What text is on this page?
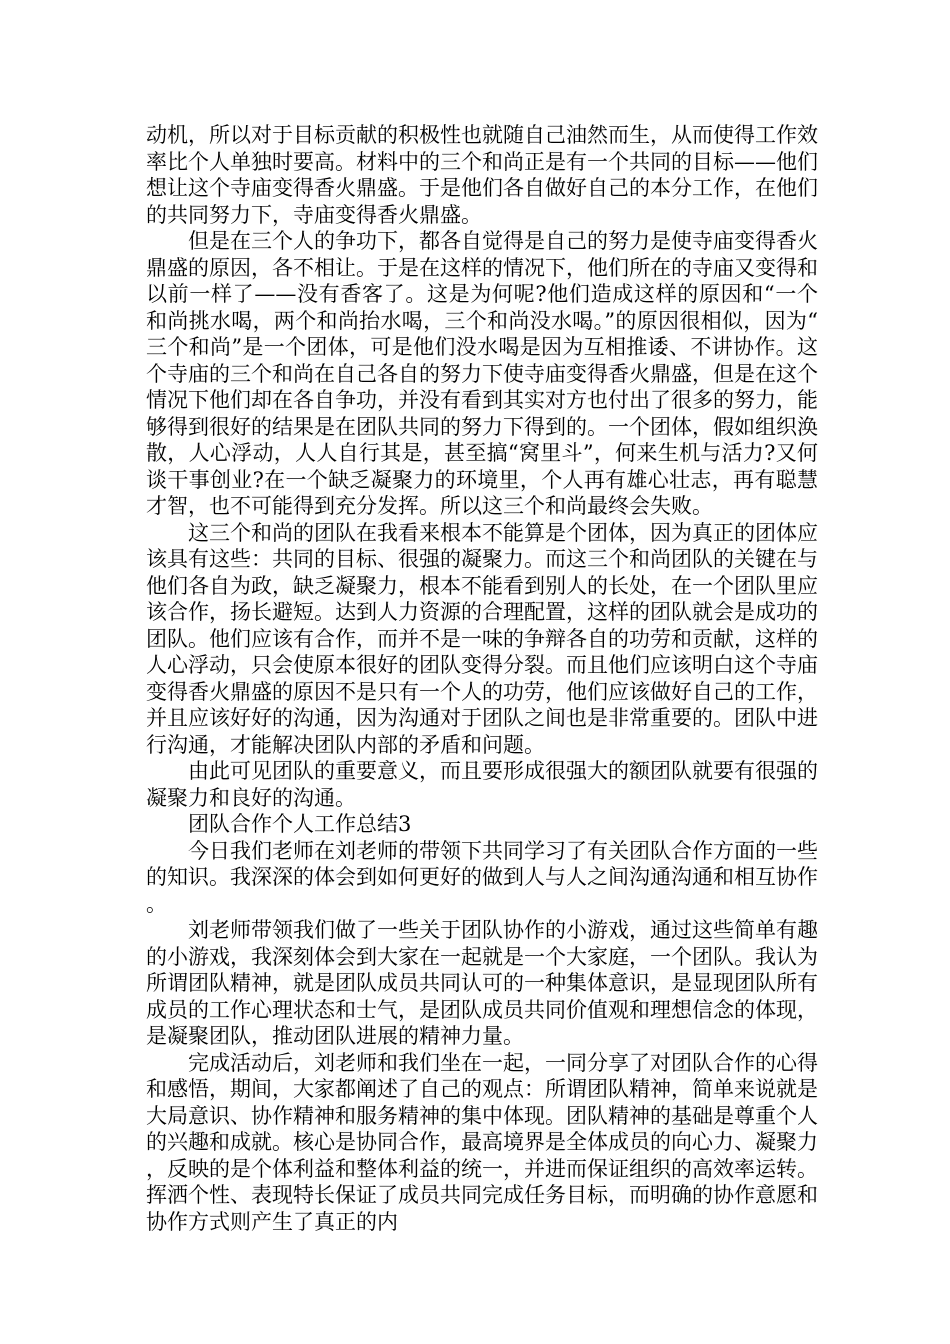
动机，所以对于目标贡献的积极性也就随自己油然而生，从而使得工作效率比个人单独时要高。材料中的三个和尚正是有一个共同的目标——他们想让这个寺庙变得香火鼎盛。于是他们各自做好自己的本分工作，在他们的共同努力下，寺庙变得香火鼎盛。

但是在三个人的争功下，都各自觉得是自己的努力是使寺庙变得香火鼎盛的原因，各不相让。于是在这样的情况下，他们所在的寺庙又变得和以前一样了——没有香客了。这是为何呢?他们造成这样的原因和“一个和尚挑水喝，两个和尚抬水喝，三个和尚没水喝。”的原因很相似，因为“三个和尚”是一个团体，可是他们没水喝是因为互相推诿、不讲协作。这个寺庙的三个和尚在自己各自的努力下使寺庙变得香火鼎盛，但是在这个情况下他们却在各自争功，并没有看到其实对方也付出了很多的努力，能够得到很好的结果是在团队共同的努力下得到的。一个团体，假如组织涣散，人心浮动，人人自行其是，甚至搞“窝里斗”，何来生机与活力?又何谈干事创业?在一个缺乏凝聚力的环境里，个人再有雄心壮志，再有聪慧才智，也不可能得到充分发挥。所以这三个和尚最终会失败。

这三个和尚的团队在我看来根本不能算是个团体，因为真正的团体应该具有这些：共同的目标、很强的凝聚力。而这三个和尚团队的关键在与他们各自为政，缺乏凝聚力，根本不能看到别人的长处，在一个团队里应该合作，扬长避短。达到人力资源的合理配置，这样的团队就会是成功的团队。他们应该有合作，而并不是一味的争辩各自的功劳和贡献，这样的人心浮动，只会使原本很好的团队变得分裂。而且他们应该明白这个寺庙变得香火鼎盛的原因不是只有一个人的功劳，他们应该做好自己的工作，并且应该好好的沟通，因为沟通对于团队之间也是非常重要的。团队中进行沟通，才能解决团队内部的矛盾和问题。

由此可见团队的重要意义，而且要形成很强大的额团队就要有很强的凝聚力和良好的沟通。

团队合作个人工作总结3

今日我们老师在刘老师的带领下共同学习了有关团队合作方面的一些的知识。我深深的体会到如何更好的做到人与人之间沟通沟通和相互协作。

刘老师带领我们做了一些关于团队协作的小游戏，通过这些简单有趣的小游戏，我深刻体会到大家在一起就是一个大家庭，一个团队。我认为所谓团队精神，就是团队成员共同认可的一种集体意识，是显现团队所有成员的工作心理状态和士气，是团队成员共同价值观和理想信念的体现，是凝聚团队，推动团队进展的精神力量。

完成活动后，刘老师和我们坐在一起，一同分享了对团队合作的心得和感悟，期间，大家都阐述了自己的观点：所谓团队精神，简单来说就是大局意识、协作精神和服务精神的集中体现。团队精神的基础是尊重个人的兴趣和成就。核心是协同合作，最高境界是全体成员的向心力、凝聚力，反映的是个体利益和整体利益的统一，并进而保证组织的高效率运转。挥洒个性、表现特长保证了成员共同完成任务目标，而明确的协作意愿和协作方式则产生了真正的内
